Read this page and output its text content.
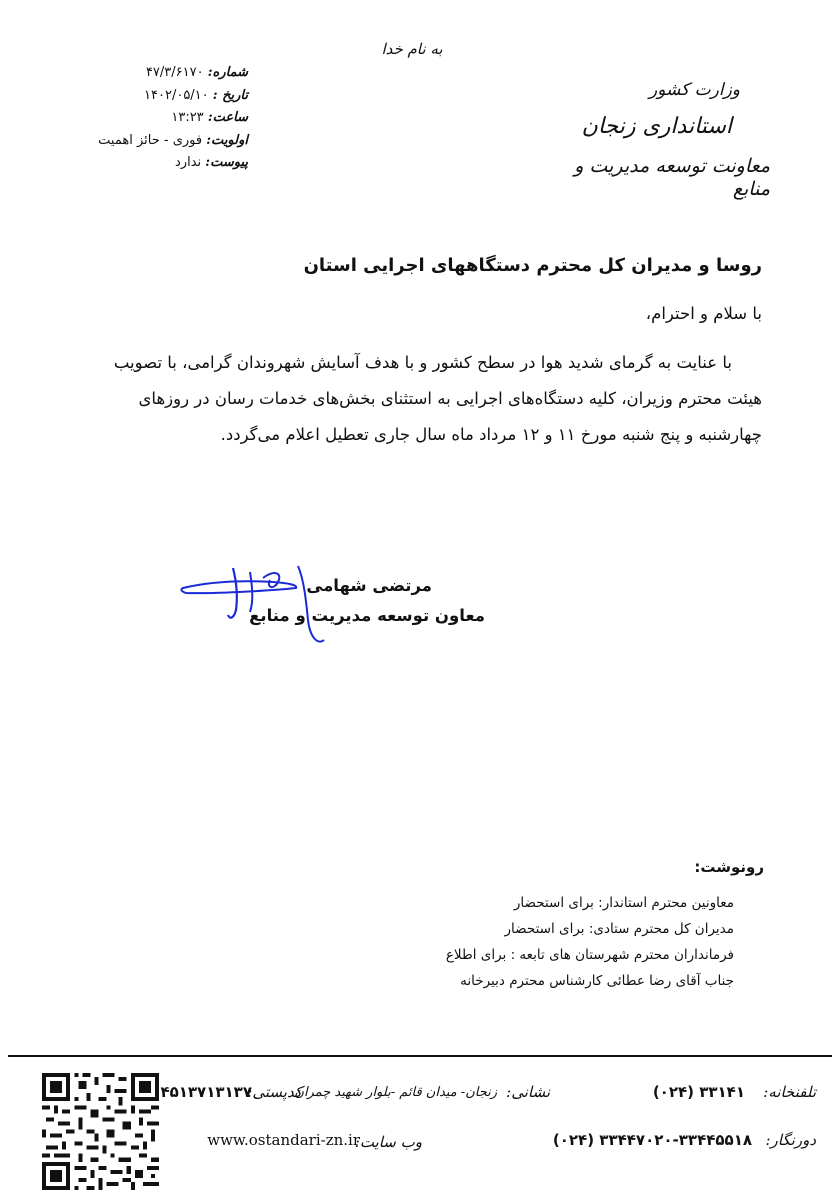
به نام خدا
وزارت کشور
استانداری زنجان
معاونت توسعه مدیریت و منابع
شماره: ۴۷/۳/۶۱۷۰
تاریخ : ۱۴۰۲/۰۵/۱۰
ساعت: ۱۳:۲۳
اولویت: فوری - حائز اهمیت
پیوست: ندارد
روسا و مدیران کل محترم دستگاههای اجرایی استان
با سلام و احترام،
با عنایت به گرمای شدید هوا در سطح کشور و با هدف آسایش شهروندان گرامی، با تصویب هیئت محترم وزیران، کلیه دستگاه‌های اجرایی به استثنای بخش‌های خدمات رسان در روزهای چهارشنبه و پنج شنبه مورخ ۱۱ و ۱۲ مرداد ماه سال جاری تعطیل اعلام می‌گردد.
مرتضی شهامی
معاون توسعه مدیریت و منابع
رونوشت:
معاونین محترم استاندار: برای استحضار
مدیران کل محترم ستادی: برای استحضار
فرمانداران محترم شهرستان های تابعه : برای اطلاع
جناب آقای رضا عطائی کارشناس محترم دبیرخانه
تلفنخانه:
(۰۲۴) ۳۳۱۴۱
نشانی:
زنجان- میدان قائم -بلوار شهید چمران
کدپستی:
۴۵۱۳۷۱۳۱۳۷
دورنگار:
(۰۲۴) ۳۳۴۴۷۰۲۰-۳۳۴۴۵۵۱۸
وب سایت:
www.ostandari-zn.ir
